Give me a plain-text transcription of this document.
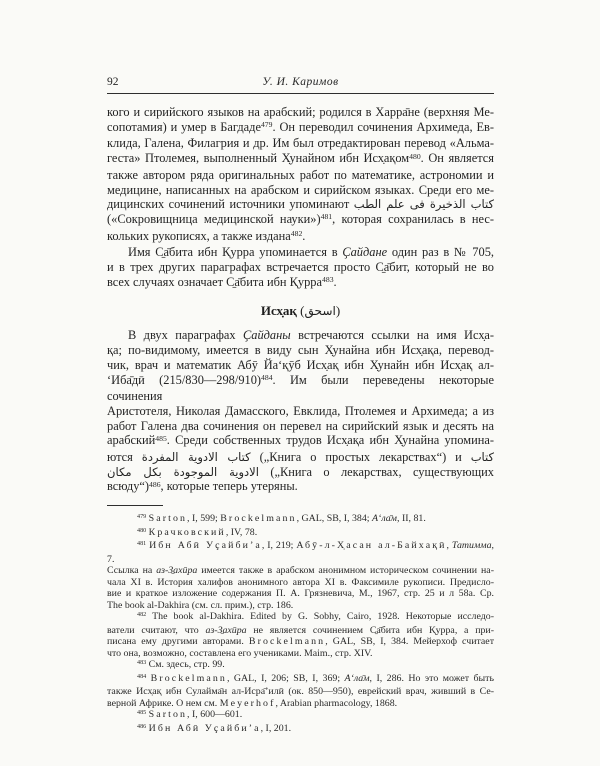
92	У. И. Каримов
кого и сирийского языков на арабский; родился в Харра̄не (верхняя Ме-
сопотамия) и умер в Багдаде$^{479}$. Он переводил сочинения Архимеда, Ев-
клида, Галена, Филагрия и др. Им был отредактирован перевод «Альма-
геста» Птолемея, выполненный Х̣унайном ибн Исх̣ақом$^{480}$. Он является
также автором ряда оригинальных работ по математике, астрономии и
медицине, написанных на арабском и сирийском языках. Среди его ме-
дицинских сочинений источники упоминают كتاب الذخيرة فى علم الطب
(«Сокровищница медицинской науки»)$^{481}$, которая сохранилась в нес-
кольких рукописях, а также издана$^{482}$.
Имя С̱а̄бита ибн Қурра упоминается в Ҫайдане один раз в № 705,
и в трех других параграфах встречается просто С̱а̄бит, который не во
всех случаях означает С̱а̄бита ибн Қурра$^{483}$.
Исх̣ақ (اسحق)
В двух параграфах Ҫайданы встречаются ссылки на имя Исх̣а-
қа; по-видимому, имеется в виду сын Х̣унайна ибн Исх̣ақа, перевод-
чик, врач и математик Абӯ Йа‘қӯб Исх̣ақ ибн Х̣унайн ибн Исх̣ақ ал-
‘Иба̄дӣ (215/830—298/910)$^{484}$. Им были переведены некоторые сочинения
Аристотеля, Николая Дамасского, Евклида, Птолемея и Архимеда; а из
работ Галена два сочинения он перевел на сирийский язык и десять на
арабский$^{485}$. Среди собственных трудов Исх̣ақа ибн Х̣унайна упомина-
ются كتاب الادوية المفردة („Книга о простых лекарствах“) и كتاب
الادوية الموجودة بكل مكان („Книга о лекарствах, существующих
всюду“)$^{486}$, которые теперь утеряны.
$^{479}$ Sarton, I, 599; Brockelmann, GAL, SB, I, 384; А‘ла̄м, II, 81.
$^{480}$ Крачковский, IV, 78.
$^{481}$ Ибн Абӣ Уҫайби’а, I, 219; Абӯ-л-Х̣асан ал-Байхақӣ, Татимма, 7.
Ссылка на аз-З̱ахӣра имеется также в арабском анонимном историческом сочинении на-
чала XI в. История халифов анонимного автора XI в. Факсимиле рукописи. Предисло-
вие и краткое изложение содержания П. А. Грязневича, М., 1967, стр. 25 и л 58а. Ср.
The book al-Dakhira (см. сл. прим.), стр. 186.
$^{482}$ The book al-Dakhira. Edited by G. Sobhy, Cairo, 1928. Некоторые исследо-
ватели считают, что аз-З̱ахӣра не является сочинением С̱а̄бита ибн Қурра, а при-
писана ему другими авторами. Brockelmann, GAL, SB, I, 384. Мейерхоф считает
что она, возможно, составлена его учениками. Maim., стр. XIV.
$^{483}$ См. здесь, стр. 99.
$^{484}$ Brockelmann, GAL, I, 206; SB, I, 369; А‘ла̄м, I, 286. Но это может быть
также Исх̣ақ ибн Сулайма̄н ал-Исра̄’илӣ (ок. 850—950), еврейский врач, живший в Се-
верной Африке. О нем см. Meyerhof, Arabian pharmacology, 1868.
$^{485}$ Sarton, I, 600—601.
$^{486}$ Ибн Абӣ Уҫайби’а, I, 201.
